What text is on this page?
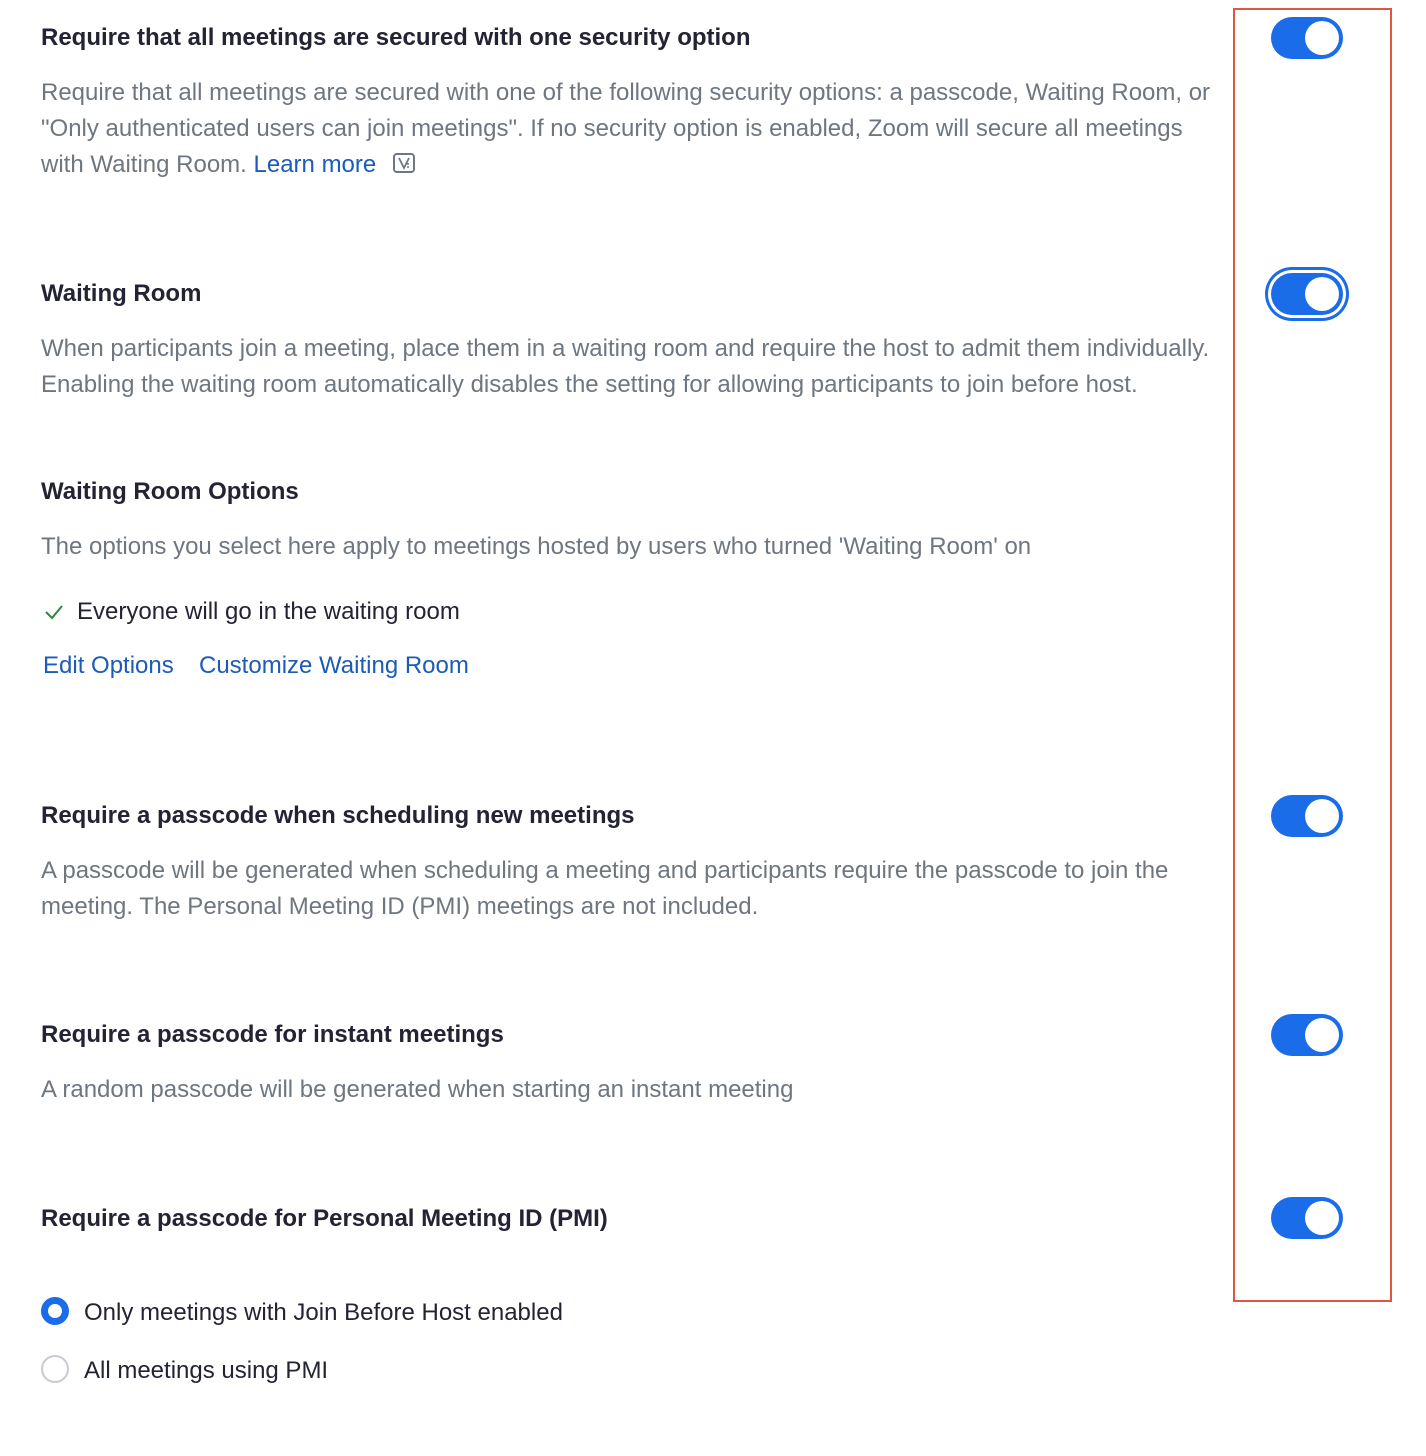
Require that all meetings are secured with one security option
Require that all meetings are secured with one of the following security options: a passcode, Waiting Room, or "Only authenticated users can join meetings". If no security option is enabled, Zoom will secure all meetings with Waiting Room. Learn more
Waiting Room
When participants join a meeting, place them in a waiting room and require the host to admit them individually. Enabling the waiting room automatically disables the setting for allowing participants to join before host.
Waiting Room Options
The options you select here apply to meetings hosted by users who turned 'Waiting Room' on
Everyone will go in the waiting room
Edit Options Customize Waiting Room
Require a passcode when scheduling new meetings
A passcode will be generated when scheduling a meeting and participants require the passcode to join the meeting. The Personal Meeting ID (PMI) meetings are not included.
Require a passcode for instant meetings
A random passcode will be generated when starting an instant meeting
Require a passcode for Personal Meeting ID (PMI)
Only meetings with Join Before Host enabled
All meetings using PMI
